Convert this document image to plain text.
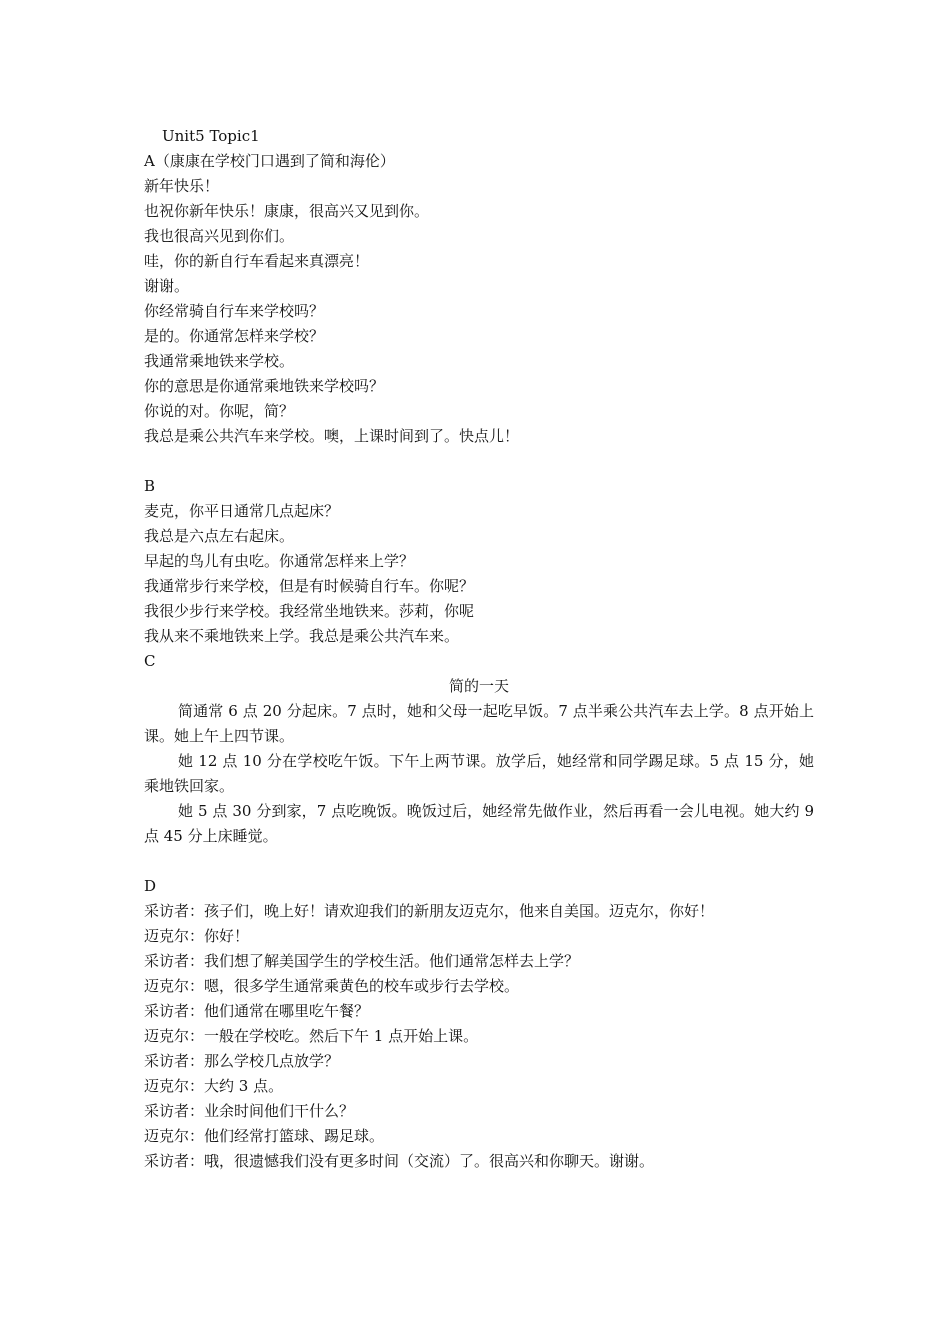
Unit5 Topic1

A（康康在学校门口遇到了简和海伦）

新年快乐！

也祝你新年快乐！康康，很高兴又见到你。

我也很高兴见到你们。

哇，你的新自行车看起来真漂亮！

谢谢。

你经常骑自行车来学校吗？

是的。你通常怎样来学校？

我通常乘地铁来学校。

你的意思是你通常乘地铁来学校吗？

你说的对。你呢，简？

我总是乘公共汽车来学校。噢，上课时间到了。快点儿！

B

麦克，你平日通常几点起床？

我总是六点左右起床。

早起的鸟儿有虫吃。你通常怎样来上学？

我通常步行来学校，但是有时候骑自行车。你呢？

我很少步行来学校。我经常坐地铁来。莎莉，你呢

我从来不乘地铁来上学。我总是乘公共汽车来。

C

简的一天

简通常 6 点 20 分起床。7 点时，她和父母一起吃早饭。7 点半乘公共汽车去上学。8 点开始上课。她上午上四节课。

她 12 点 10 分在学校吃午饭。下午上两节课。放学后，她经常和同学踢足球。5 点 15 分，她乘地铁回家。

她 5 点 30 分到家，7 点吃晚饭。晚饭过后，她经常先做作业，然后再看一会儿电视。她大约 9 点 45 分上床睡觉。

D

采访者：孩子们，晚上好！请欢迎我们的新朋友迈克尔，他来自美国。迈克尔，你好！

迈克尔：你好！

采访者：我们想了解美国学生的学校生活。他们通常怎样去上学？

迈克尔：嗯，很多学生通常乘黄色的校车或步行去学校。

采访者：他们通常在哪里吃午餐？

迈克尔：一般在学校吃。然后下午 1 点开始上课。

采访者：那么学校几点放学？

迈克尔：大约 3 点。

采访者：业余时间他们干什么？

迈克尔：他们经常打篮球、踢足球。

采访者：哦，很遗憾我们没有更多时间（交流）了。很高兴和你聊天。谢谢。
